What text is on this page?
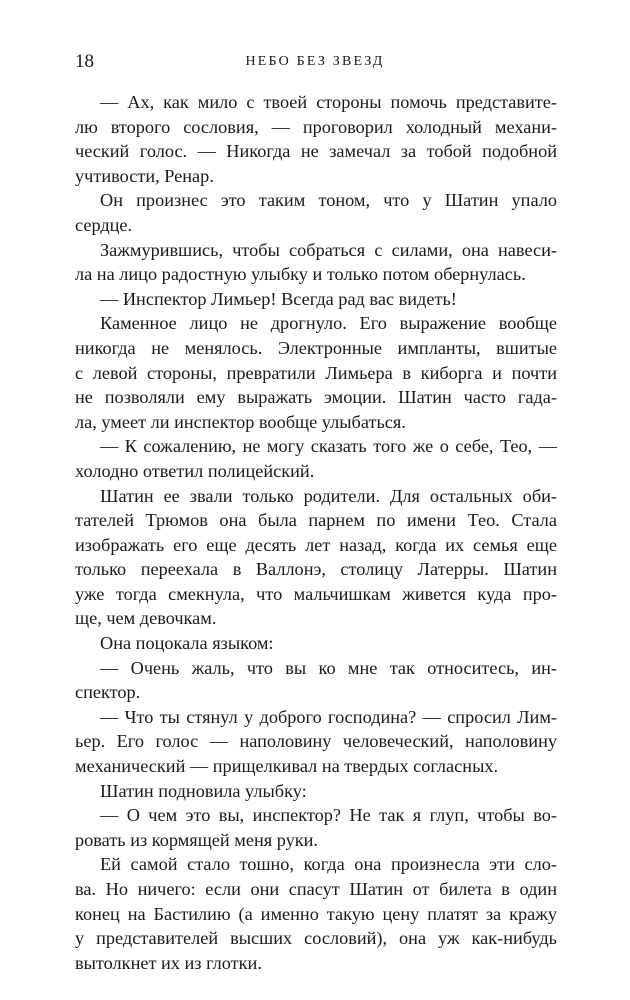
18	НЕБО БЕЗ ЗВЕЗД

— Ах, как мило с твоей стороны помочь представите-
лю второго сословия, — проговорил холодный механи-
ческий голос. — Никогда не замечал за тобой подобной
учтивости, Ренар.

Он произнес это таким тоном, что у Шатин упало
сердце.

Зажмурившись, чтобы собраться с силами, она навеси-
ла на лицо радостную улыбку и только потом обернулась.

— Инспектор Лимьер! Всегда рад вас видеть!

Каменное лицо не дрогнуло. Его выражение вообще
никогда не менялось. Электронные импланты, вшитые
с левой стороны, превратили Лимьера в киборга и почти
не позволяли ему выражать эмоции. Шатин часто гада-
ла, умеет ли инспектор вообще улыбаться.

— К сожалению, не могу сказать того же о себе, Тео, —
холодно ответил полицейский.

Шатин ее звали только родители. Для остальных оби-
тателей Трюмов она была парнем по имени Тео. Стала
изображать его еще десять лет назад, когда их семья еще
только переехала в Валлонэ, столицу Латерры. Шатин
уже тогда смекнула, что мальчишкам живется куда про-
ще, чем девочкам.

Она поцокала языком:

— Очень жаль, что вы ко мне так относитесь, ин-
спектор.

— Что ты стянул у доброго господина? — спросил Лим-
ьер. Его голос — наполовину человеческий, наполовину
механический — прищелкивал на твердых согласных.

Шатин подновила улыбку:

— О чем это вы, инспектор? Не так я глуп, чтобы во-
ровать из кормящей меня руки.

Ей самой стало тошно, когда она произнесла эти сло-
ва. Но ничего: если они спасут Шатин от билета в один
конец на Бастилию (а именно такую цену платят за кражу
у представителей высших сословий), она уж как-нибудь
вытолкнет их из глотки.
